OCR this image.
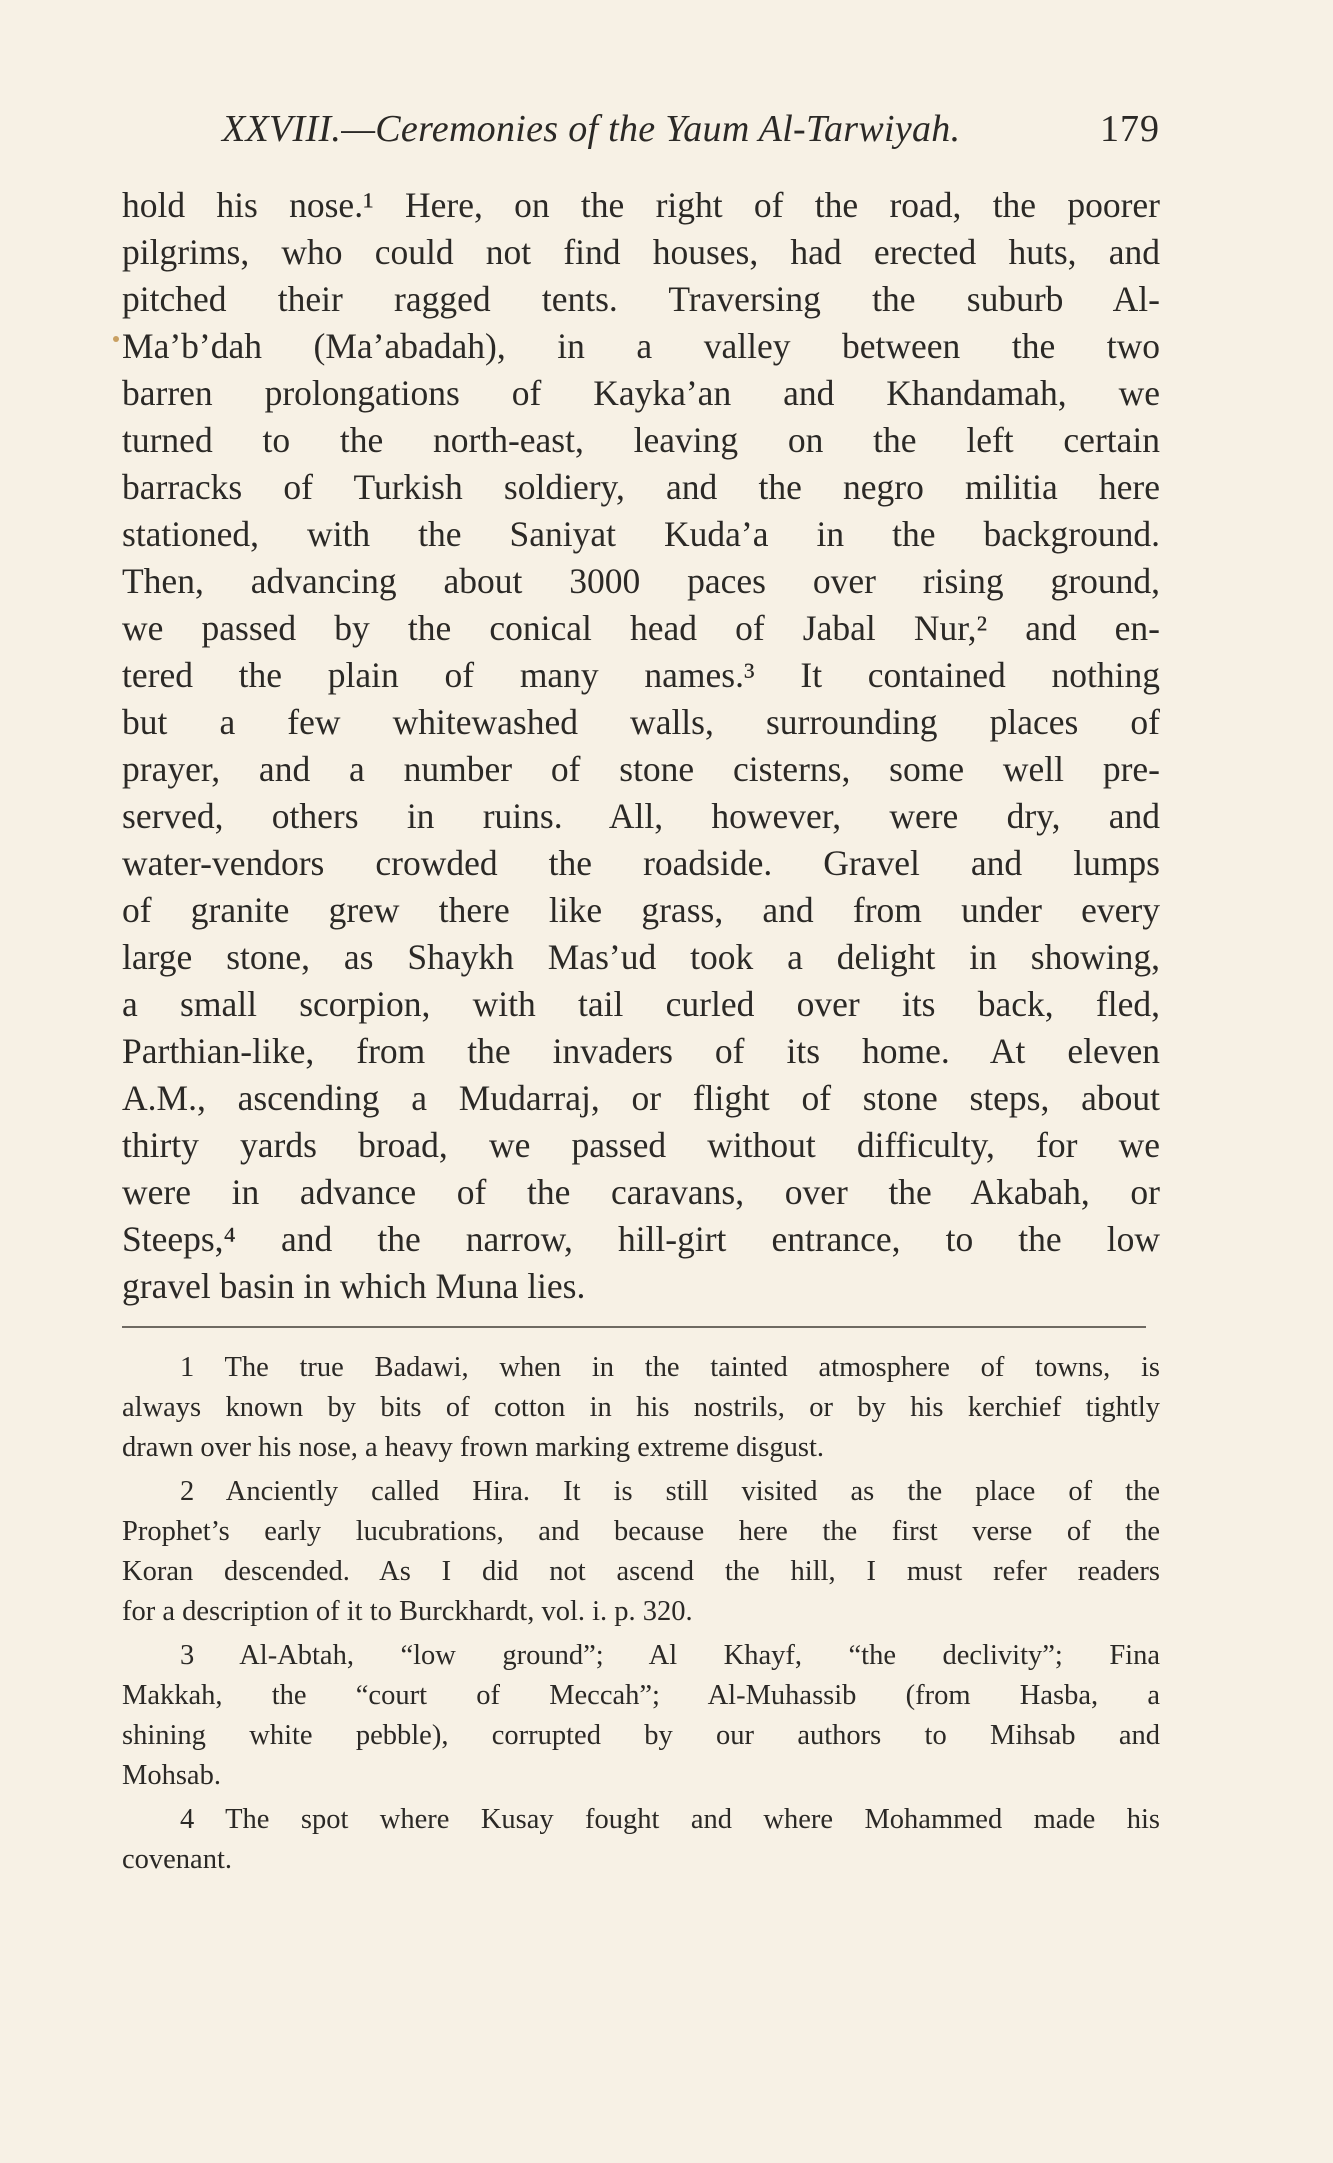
XXVIII.—Ceremonies of the Yaum Al-Tarwiyah.	179
hold his nose.¹ Here, on the right of the road, the poorer
pilgrims, who could not find houses, had erected huts, and
pitched their ragged tents. Traversing the suburb Al-
Ma’b’dah (Ma’abadah), in a valley between the two
barren prolongations of Kayka’an and Khandamah, we
turned to the north-east, leaving on the left certain
barracks of Turkish soldiery, and the negro militia here
stationed, with the Saniyat Kuda’a in the background.
Then, advancing about 3000 paces over rising ground,
we passed by the conical head of Jabal Nur,² and en-
tered the plain of many names.³ It contained nothing
but a few whitewashed walls, surrounding places of
prayer, and a number of stone cisterns, some well pre-
served, others in ruins. All, however, were dry, and
water-vendors crowded the roadside. Gravel and lumps
of granite grew there like grass, and from under every
large stone, as Shaykh Mas’ud took a delight in showing,
a small scorpion, with tail curled over its back, fled,
Parthian-like, from the invaders of its home. At eleven
A.M., ascending a Mudarraj, or flight of stone steps, about
thirty yards broad, we passed without difficulty, for we
were in advance of the caravans, over the Akabah, or
Steeps,⁴ and the narrow, hill-girt entrance, to the low
gravel basin in which Muna lies.
1 The true Badawi, when in the tainted atmosphere of towns, is
always known by bits of cotton in his nostrils, or by his kerchief tightly
drawn over his nose, a heavy frown marking extreme disgust.
2 Anciently called Hira. It is still visited as the place of the
Prophet’s early lucubrations, and because here the first verse of the
Koran descended. As I did not ascend the hill, I must refer readers
for a description of it to Burckhardt, vol. i. p. 320.
3 Al-Abtah, “low ground”; Al Khayf, “the declivity”; Fina
Makkah, the “court of Meccah”; Al-Muhassib (from Hasba, a
shining white pebble), corrupted by our authors to Mihsab and
Mohsab.
4 The spot where Kusay fought and where Mohammed made his
covenant.
